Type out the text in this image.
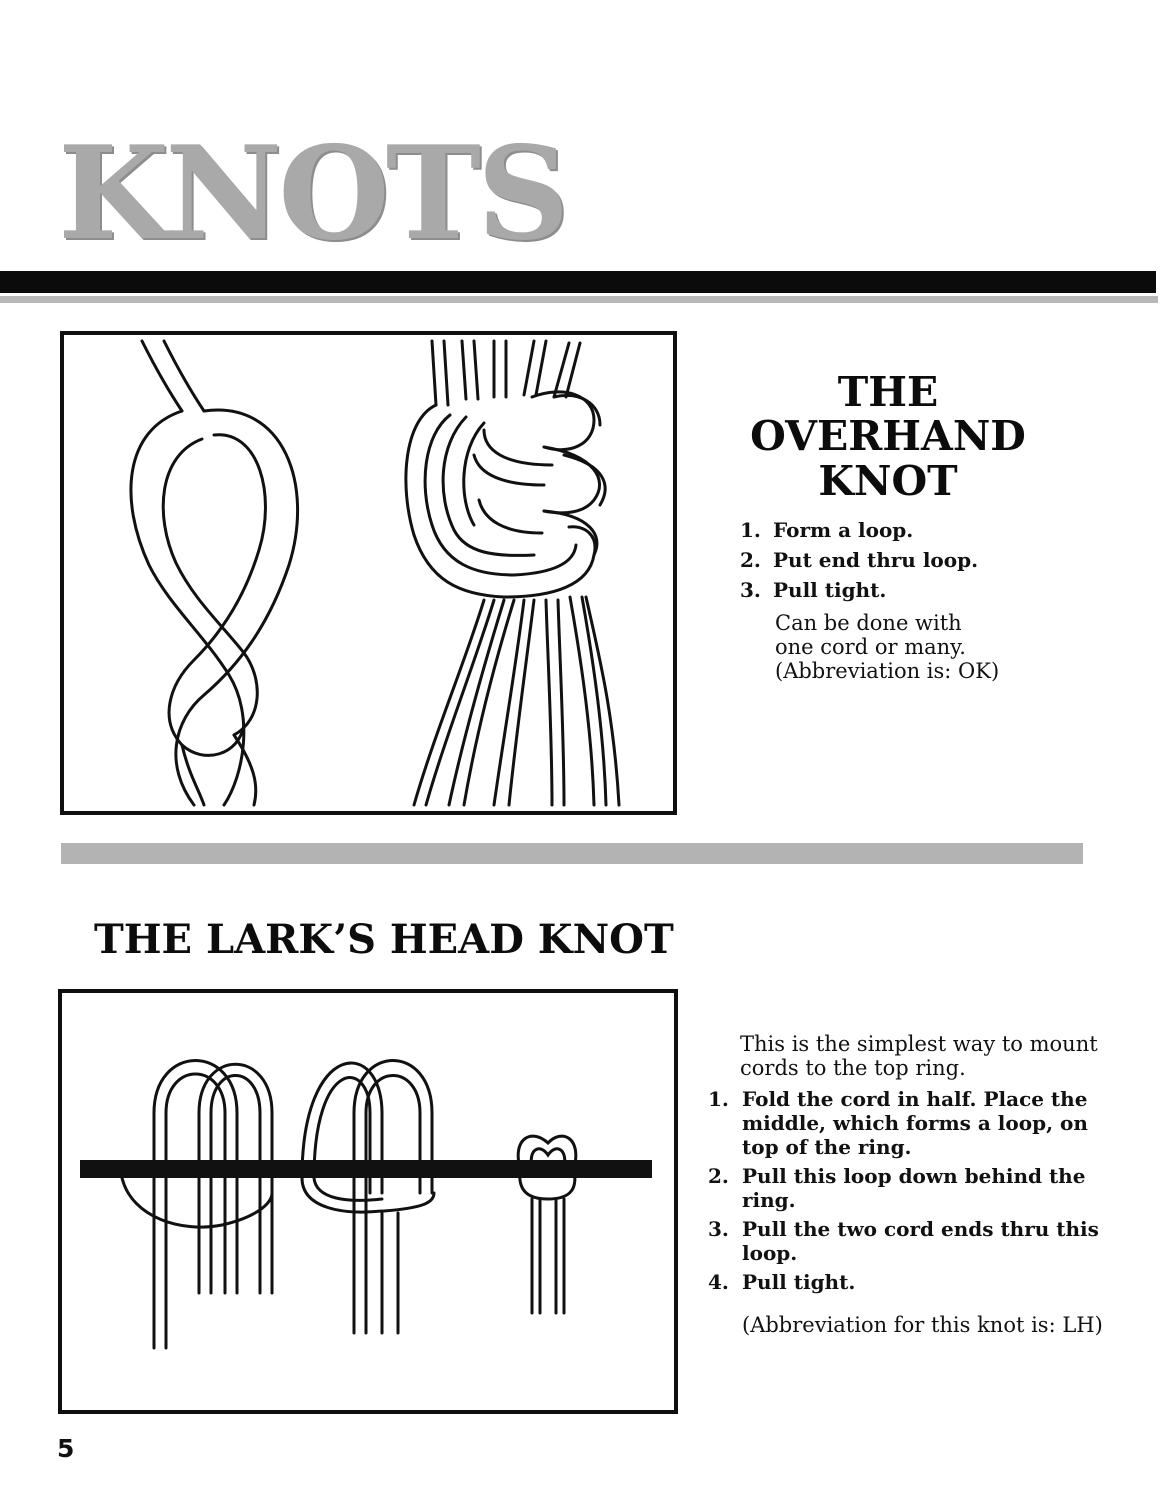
KNOTS
THE
OVERHAND KNOT
1. Form a loop.
2. Put end thru loop.
3. Pull tight.
Can be done with
one cord or many.
(Abbreviation is: OK)
THE LARK’S HEAD KNOT
This is the simplest way to mount
cords to the top ring.
1. Fold the cord in half. Place the
middle, which forms a loop, on
top of the ring.
2. Pull this loop down behind the
ring.
3. Pull the two cord ends thru this
loop.
4. Pull tight.
(Abbreviation for this knot is: LH)
5
